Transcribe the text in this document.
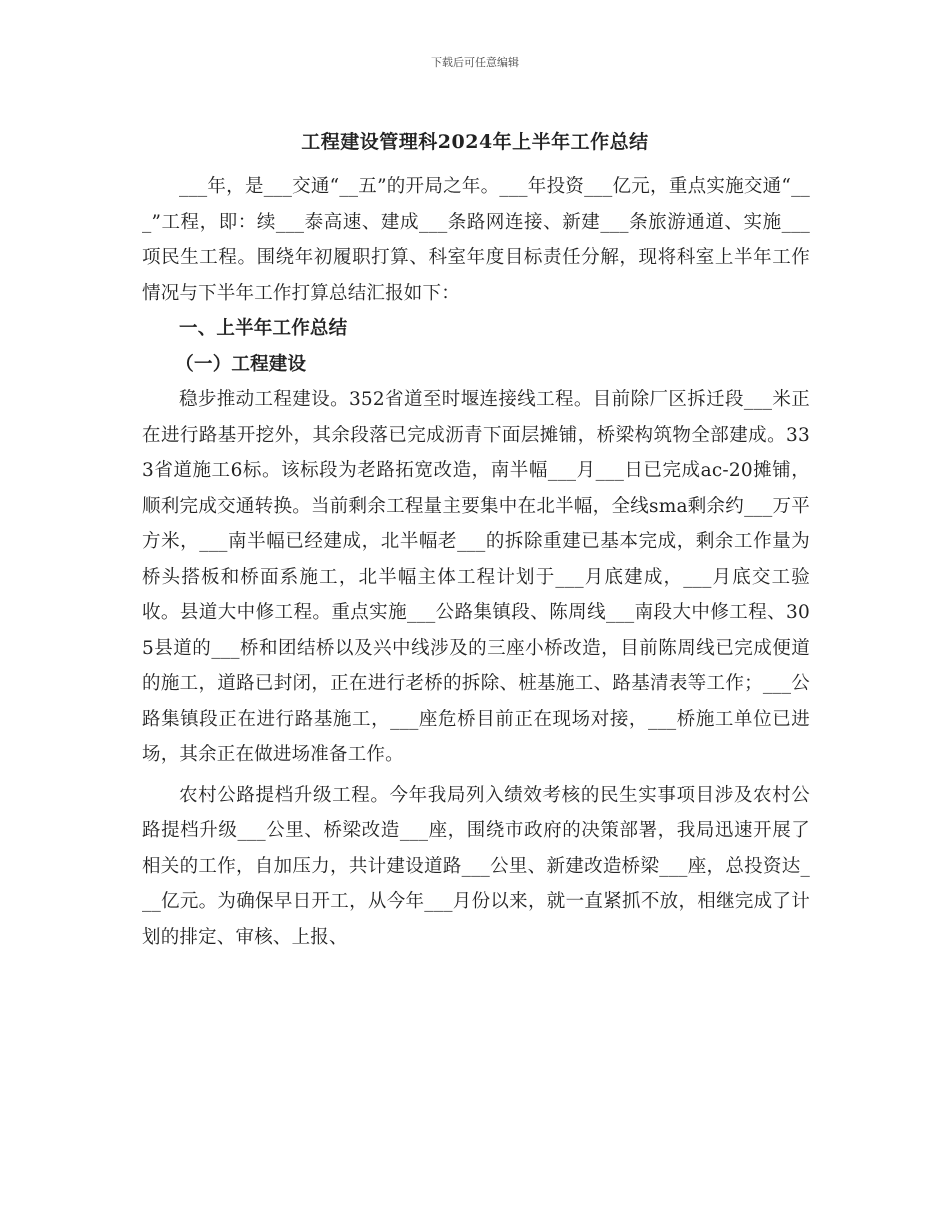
下载后可任意编辑
工程建设管理科2024年上半年工作总结

___年，是___交通“__五”的开局之年。___年投资___亿元，重点实施交通“___”工程，即：续___泰高速、建成___条路网连接、新建___条旅游通道、实施___项民生工程。围绕年初履职打算、科室年度目标责任分解，现将科室上半年工作情况与下半年工作打算总结汇报如下：

一、上半年工作总结

（一）工程建设

稳步推动工程建设。352省道至时堰连接线工程。目前除厂区拆迁段___米正在进行路基开挖外，其余段落已完成沥青下面层摊铺，桥梁构筑物全部建成。333省道施工6标。该标段为老路拓宽改造，南半幅___月___日已完成ac-20摊铺，顺利完成交通转换。当前剩余工程量主要集中在北半幅，全线sma剩余约___万平方米，___南半幅已经建成，北半幅老___的拆除重建已基本完成，剩余工作量为桥头搭板和桥面系施工，北半幅主体工程计划于___月底建成，___月底交工验收。县道大中修工程。重点实施___公路集镇段、陈周线___南段大中修工程、305县道的___桥和团结桥以及兴中线涉及的三座小桥改造，目前陈周线已完成便道的施工，道路已封闭，正在进行老桥的拆除、桩基施工、路基清表等工作；___公路集镇段正在进行路基施工，___座危桥目前正在现场对接，___桥施工单位已进场，其余正在做进场准备工作。

农村公路提档升级工程。今年我局列入绩效考核的民生实事项目涉及农村公路提档升级___公里、桥梁改造___座，围绕市政府的决策部署，我局迅速开展了相关的工作，自加压力，共计建设道路___公里、新建改造桥梁___座，总投资达___亿元。为确保早日开工，从今年___月份以来，就一直紧抓不放，相继完成了计划的排定、审核、上报、
